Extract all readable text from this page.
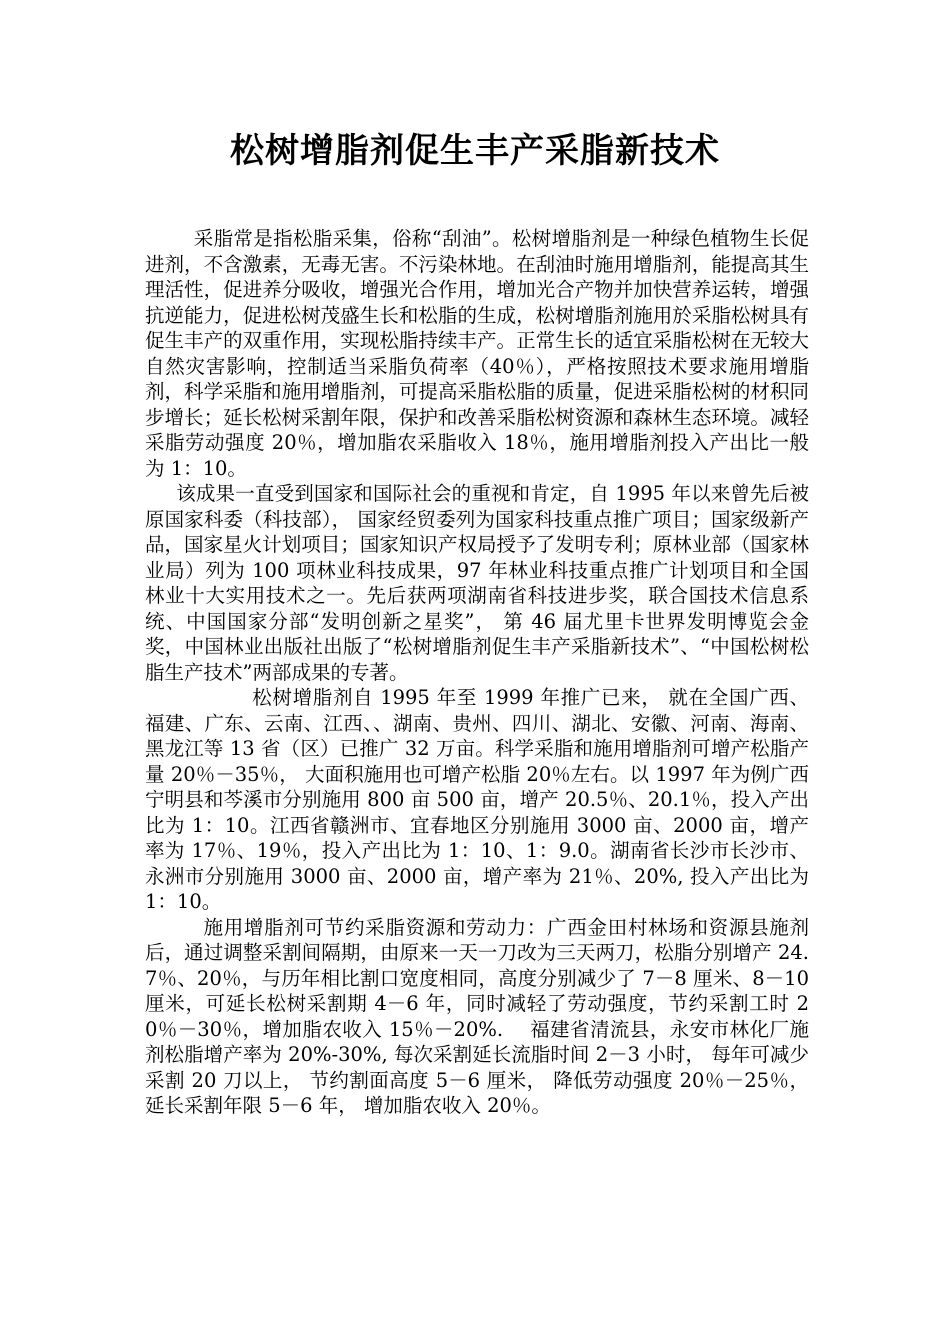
松树增脂剂促生丰产采脂新技术

采脂常是指松脂采集，俗称“刮油”。松树增脂剂是一种绿色植物生长促进剂，不含激素，无毒无害。不污染林地。在刮油时施用增脂剂，能提高其生理活性，促进养分吸收，增强光合作用，增加光合产物并加快营养运转，增强抗逆能力，促进松树茂盛生长和松脂的生成，松树增脂剂施用於采脂松树具有促生丰产的双重作用，实现松脂持续丰产。正常生长的适宜采脂松树在无较大自然灾害影响，控制适当采脂负荷率（40％），严格按照技术要求施用增脂剂，科学采脂和施用增脂剂，可提高采脂松脂的质量，促进采脂松树的材积同步增长；延长松树采割年限，保护和改善采脂松树资源和森林生态环境。减轻采脂劳动强度 20％，增加脂农采脂收入 18％，施用增脂剂投入产出比一般为 1：10。

该成果一直受到国家和国际社会的重视和肯定，自 1995 年以来曾先后被原国家科委（科技部）， 国家经贸委列为国家科技重点推广项目；国家级新产品，国家星火计划项目；国家知识产权局授予了发明专利；原林业部（国家林业局）列为 100 项林业科技成果，97 年林业科技重点推广计划项目和全国林业十大实用技术之一。先后获两项湖南省科技进步奖，联合国技术信息系统、中国国家分部“发明创新之星奖”， 第 46 届尤里卡世界发明博览会金奖，中国林业出版社出版了“松树增脂剂促生丰产采脂新技术”、“中国松树松脂生产技术”两部成果的专著。

松树增脂剂自 1995 年至 1999 年推广已来， 就在全国广西、福建、广东、云南、江西、、湖南、贵州、四川、湖北、安徽、河南、海南、黑龙江等 13 省（区）已推广 32 万亩。科学采脂和施用增脂剂可增产松脂产量 20％－35％， 大面积施用也可增产松脂 20％左右。以 1997 年为例广西宁明县和芩溪市分别施用 800 亩 500 亩，增产 20.5％、20.1％，投入产出比为 1：10。江西省赣洲市、宜春地区分别施用 3000 亩、2000 亩，增产率为 17％、19％，投入产出比为 1：10、1：9.0。湖南省长沙市长沙市、永洲市分别施用 3000 亩、2000 亩，增产率为 21％、20%, 投入产出比为 1：10。

施用增脂剂可节约采脂资源和劳动力：广西金田村林场和资源县施剂后，通过调整采割间隔期，由原来一天一刀改为三天两刀，松脂分别增产 24.7％、20％，与历年相比割口宽度相同，高度分别减少了 7－8 厘米、8－10 厘米，可延长松树采割期 4－6 年，同时减轻了劳动强度，节约采割工时 20％－30％，增加脂农收入 15％－20%.　 福建省清流县，永安市林化厂施剂松脂增产率为 20%-30%, 每次采割延长流脂时间 2－3 小时， 每年可减少采割 20 刀以上， 节约割面高度 5－6 厘米， 降低劳动强度 20％－25％， 延长采割年限 5－6 年， 增加脂农收入 20％。
